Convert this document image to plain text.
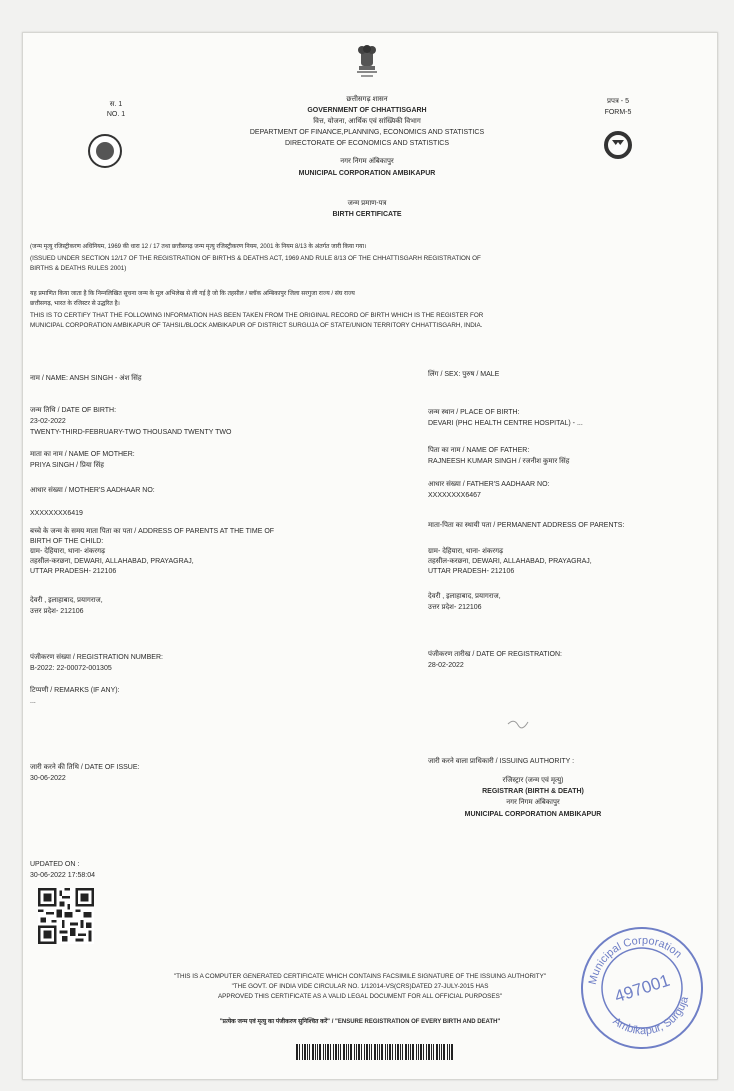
स. 1
NO. 1
प्रपत्र - 5
FORM-5
छत्तीसगढ़ शासन
GOVERNMENT OF CHHATTISGARH
वित्त, योजना, आर्थिक एवं सांख्यिकी विभाग
DEPARTMENT OF FINANCE,PLANNING, ECONOMICS AND STATISTICS
DIRECTORATE OF ECONOMICS AND STATISTICS
नगर निगम अंबिकापुर
MUNICIPAL CORPORATION AMBIKAPUR
जन्म प्रमाण-पत्र
BIRTH CERTIFICATE
(जन्म मृत्यु रजिस्ट्रीकरण अधिनियम, 1969 की धारा 12 / 17 तथा छत्तीसगढ़ जन्म मृत्यु रजिस्ट्रीकरण नियम, 2001 के नियम 8/13 के अंतर्गत जारी किया गया।
(ISSUED UNDER SECTION 12/17 OF THE REGISTRATION OF BIRTHS & DEATHS ACT, 1969 AND RULE 8/13 OF THE CHHATTISGARH REGISTRATION OF
BIRTHS & DEATHS RULES 2001)
यह प्रमाणित किया जाता है कि निम्नलिखित सूचना जन्म के मूल अभिलेख से ली गई है जो कि तहसील / ब्लॉक अम्बिकापुर जिला सरगुजा राज्य / संघ राज्य
छत्तीसगढ़, भारत के रजिस्टर से उद्धरित है।
THIS IS TO CERTIFY THAT THE FOLLOWING INFORMATION HAS BEEN TAKEN FROM THE ORIGINAL RECORD OF BIRTH WHICH IS THE REGISTER FOR
MUNICIPAL CORPORATION AMBIKAPUR OF TAHSIL/BLOCK AMBIKAPUR OF DISTRICT SURGUJA OF STATE/UNION TERRITORY CHHATTISGARH, INDIA.
नाम / NAME: ANSH SINGH - अंश सिंह
जन्म तिथि / DATE OF BIRTH:
23-02-2022
TWENTY-THIRD-FEBRUARY-TWO THOUSAND TWENTY TWO
माता का नाम / NAME OF MOTHER:
PRIYA SINGH / प्रिया सिंह
आधार संख्या / MOTHER'S AADHAAR NO:
XXXXXXXX6419
बच्चे के जन्म के समय माता पिता का पता / ADDRESS OF PARENTS AT THE TIME OF
BIRTH OF THE CHILD:
ग्राम- देहियारा, थाना- शंकरगढ़
तहसील-करछना, DEWARI, ALLAHABAD, PRAYAGRAJ,
UTTAR PRADESH- 212106
देवरी , इलाहाबाद, प्रयागराज,
उत्तर प्रदेश- 212106
पंजीकरण संख्या / REGISTRATION NUMBER:
B-2022: 22-00072-001305
टिप्पणी / REMARKS (IF ANY):
...
जारी करने की तिथि / DATE OF ISSUE:
30-06-2022
UPDATED ON :
30-06-2022 17:58:04
लिंग / SEX: पुरुष / MALE
जन्म स्थान / PLACE OF BIRTH:
DEVARI (PHC HEALTH CENTRE HOSPITAL) - ...
पिता का नाम / NAME OF FATHER:
RAJNEESH KUMAR SINGH / रजनीश कुमार सिंह
आधार संख्या / FATHER'S AADHAAR NO:
XXXXXXXX6467
माता-पिता का स्थायी पता / PERMANENT ADDRESS OF PARENTS:
ग्राम- देहियारा, थाना- शंकरगढ़
तहसील-करछना, DEWARI, ALLAHABAD, PRAYAGRAJ,
UTTAR PRADESH- 212106
देवरी , इलाहाबाद, प्रयागराज,
उत्तर प्रदेश- 212106
पंजीकरण तारीख / DATE OF REGISTRATION:
28-02-2022
जारी करने वाला प्राधिकारी / ISSUING AUTHORITY :
रजिस्ट्रार (जन्म एवं मृत्यु)
REGISTRAR (BIRTH & DEATH)
नगर निगम अंबिकापुर
MUNICIPAL CORPORATION AMBIKAPUR
"THIS IS A COMPUTER GENERATED CERTIFICATE WHICH CONTAINS FACSIMILE SIGNATURE OF THE ISSUING AUTHORITY"
"THE GOVT. OF INDIA VIDE CIRCULAR NO. 1/12014-VS(CRS)DATED 27-JULY-2015 HAS
APPROVED THIS CERTIFICATE AS A VALID LEGAL DOCUMENT FOR ALL OFFICIAL PURPOSES"
"प्रत्येक जन्म एवं मृत्यु का पंजीकरण सुनिश्चित करें" / "ENSURE REGISTRATION OF EVERY BIRTH AND DEATH"
Municipal Corporation
Ambikapur, Surguja
497001
